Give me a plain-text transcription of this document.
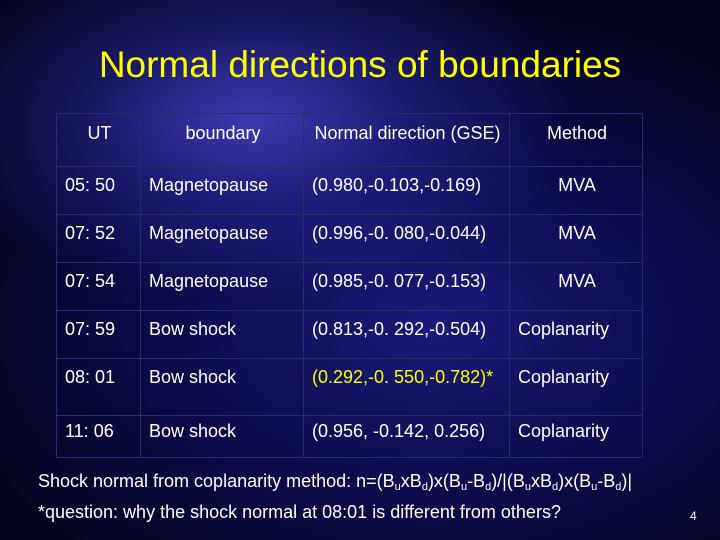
Normal directions of boundaries
UT	boundary	Normal direction (GSE)	Method
05: 50	Magnetopause	(0.980,-0.103,-0.169)	MVA
07: 52	Magnetopause	(0.996,-0. 080,-0.044)	MVA
07: 54	Magnetopause	(0.985,-0. 077,-0.153)	MVA
07: 59	Bow shock	(0.813,-0. 292,-0.504)	Coplanarity
08: 01	Bow shock	(0.292,-0. 550,-0.782)*	Coplanarity
11: 06	Bow shock	(0.956, -0.142, 0.256)	Coplanarity
Shock normal from coplanarity method: $n=(B_uxB_d)x(B_u-B_d)/|(B_uxB_d)x(B_u-B_d)|$
*question: why the shock normal at 08:01 is different from others?	4
